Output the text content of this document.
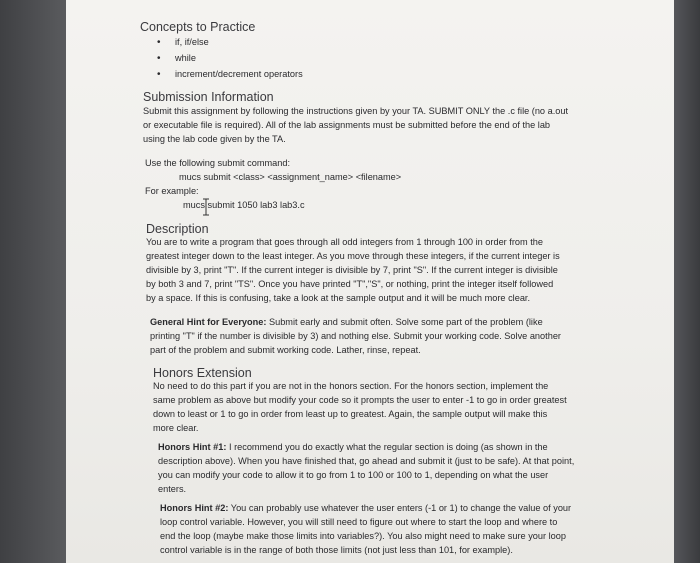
Concepts to Practice
• if, if/else
• while
• increment/decrement operators
Submission Information
Submit this assignment by following the instructions given by your TA. SUBMIT ONLY the .c file (no a.out
or executable file is required). All of the lab assignments must be submitted before the end of the lab
using the lab code given by the TA.
Use the following submit command:
mucs submit <class> <assignment_name> <filename>
For example:
mucs submit 1050 lab3 lab3.c
Description
You are to write a program that goes through all odd integers from 1 through 100 in order from the
greatest integer down to the least integer. As you move through these integers, if the current integer is
divisible by 3, print "T". If the current integer is divisible by 7, print "S". If the current integer is divisible
by both 3 and 7, print "TS". Once you have printed "T","S", or nothing, print the integer itself followed
by a space. If this is confusing, take a look at the sample output and it will be much more clear.
General Hint for Everyone: Submit early and submit often. Solve some part of the problem (like
printing "T" if the number is divisible by 3) and nothing else. Submit your working code. Solve another
part of the problem and submit working code. Lather, rinse, repeat.
Honors Extension
No need to do this part if you are not in the honors section. For the honors section, implement the
same problem as above but modify your code so it prompts the user to enter -1 to go in order greatest
down to least or 1 to go in order from least up to greatest. Again, the sample output will make this
more clear.
Honors Hint #1: I recommend you do exactly what the regular section is doing (as shown in the
description above). When you have finished that, go ahead and submit it (just to be safe). At that point,
you can modify your code to allow it to go from 1 to 100 or 100 to 1, depending on what the user
enters.
Honors Hint #2: You can probably use whatever the user enters (-1 or 1) to change the value of your
loop control variable. However, you will still need to figure out where to start the loop and where to
end the loop (maybe make those limits into variables?). You also might need to make sure your loop
control variable is in the range of both those limits (not just less than 101, for example).
